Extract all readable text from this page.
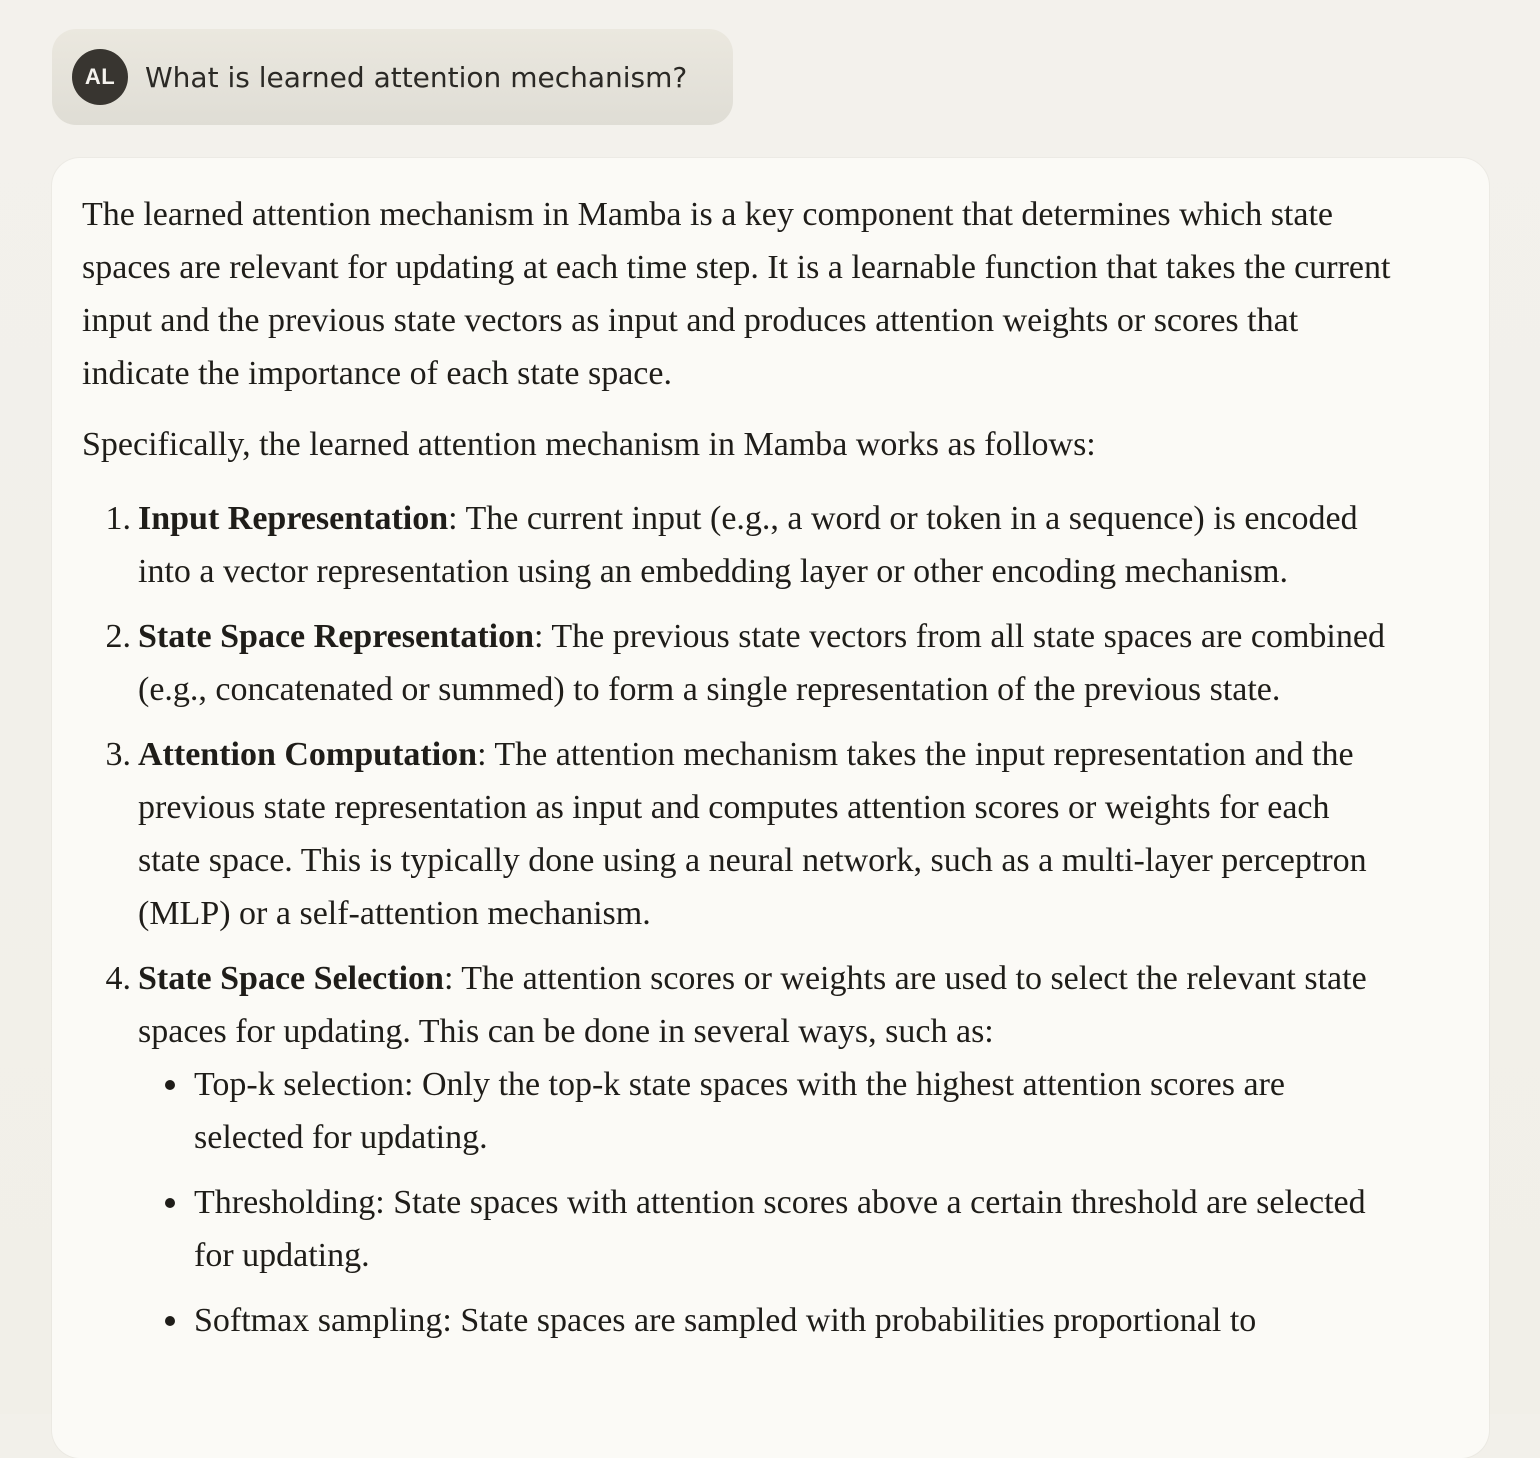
AL	What is learned attention mechanism?

The learned attention mechanism in Mamba is a key component that determines which state spaces are relevant for updating at each time step. It is a learnable function that takes the current input and the previous state vectors as input and produces attention weights or scores that indicate the importance of each state space.

Specifically, the learned attention mechanism in Mamba works as follows:

1. Input Representation: The current input (e.g., a word or token in a sequence) is encoded into a vector representation using an embedding layer or other encoding mechanism.
2. State Space Representation: The previous state vectors from all state spaces are combined (e.g., concatenated or summed) to form a single representation of the previous state.
3. Attention Computation: The attention mechanism takes the input representation and the previous state representation as input and computes attention scores or weights for each state space. This is typically done using a neural network, such as a multi-layer perceptron (MLP) or a self-attention mechanism.
4. State Space Selection: The attention scores or weights are used to select the relevant state spaces for updating. This can be done in several ways, such as:
Top-k selection: Only the top-k state spaces with the highest attention scores are selected for updating.
Thresholding: State spaces with attention scores above a certain threshold are selected for updating.
Softmax sampling: State spaces are sampled with probabilities proportional to
